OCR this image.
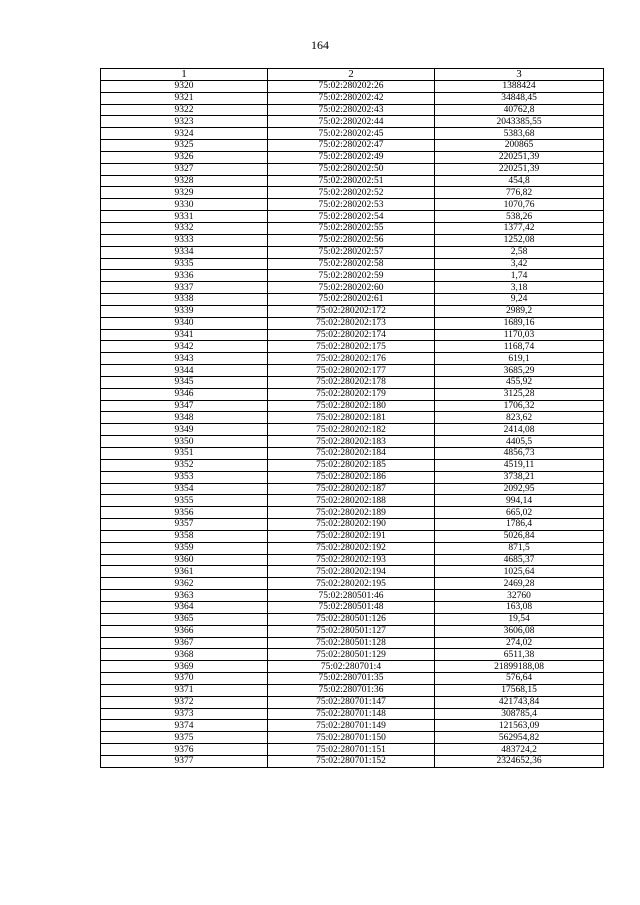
164
1	2	3
9320	75:02:280202:26	1388424
9321	75:02:280202:42	34848,45
9322	75:02:280202:43	40762,8
9323	75:02:280202:44	2043385,55
9324	75:02:280202:45	5383,68
9325	75:02:280202:47	200865
9326	75:02:280202:49	220251,39
9327	75:02:280202:50	220251,39
9328	75:02:280202:51	454,8
9329	75:02:280202:52	776,82
9330	75:02:280202:53	1070,76
9331	75:02:280202:54	538,26
9332	75:02:280202:55	1377,42
9333	75:02:280202:56	1252,08
9334	75:02:280202:57	2,58
9335	75:02:280202:58	3,42
9336	75:02:280202:59	1,74
9337	75:02:280202:60	3,18
9338	75:02:280202:61	9,24
9339	75:02:280202:172	2989,2
9340	75:02:280202:173	1689,16
9341	75:02:280202:174	1170,03
9342	75:02:280202:175	1168,74
9343	75:02:280202:176	619,1
9344	75:02:280202:177	3685,29
9345	75:02:280202:178	455,92
9346	75:02:280202:179	3125,28
9347	75:02:280202:180	1706,32
9348	75:02:280202:181	823,62
9349	75:02:280202:182	2414,08
9350	75:02:280202:183	4405,5
9351	75:02:280202:184	4856,73
9352	75:02:280202:185	4519,11
9353	75:02:280202:186	3738,21
9354	75:02:280202:187	2092,95
9355	75:02:280202:188	994,14
9356	75:02:280202:189	665,02
9357	75:02:280202:190	1786,4
9358	75:02:280202:191	5026,84
9359	75:02:280202:192	871,5
9360	75:02:280202:193	4685,37
9361	75:02:280202:194	1025,64
9362	75:02:280202:195	2469,28
9363	75:02:280501:46	32760
9364	75:02:280501:48	163,08
9365	75:02:280501:126	19,54
9366	75:02:280501:127	3606,08
9367	75:02:280501:128	274,02
9368	75:02:280501:129	6511,38
9369	75:02:280701:4	21899188,08
9370	75:02:280701:35	576,64
9371	75:02:280701:36	17568,15
9372	75:02:280701:147	421743,84
9373	75:02:280701:148	308785,4
9374	75:02:280701:149	121563,09
9375	75:02:280701:150	562954,82
9376	75:02:280701:151	483724,2
9377	75:02:280701:152	2324652,36
